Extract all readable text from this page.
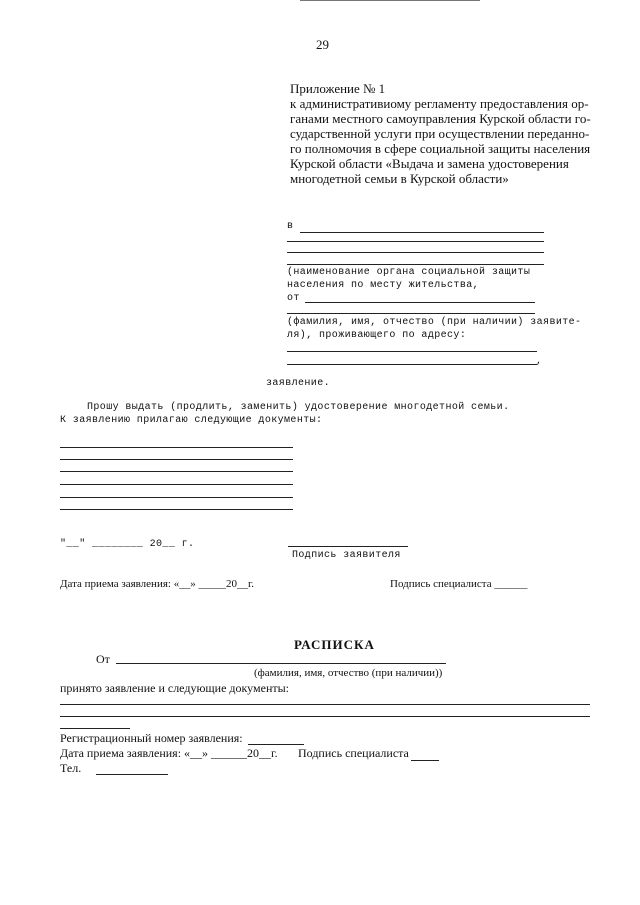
29
Приложение № 1
к административиому регламенту предоставления ор-
ганами местного самоуправления Курской области го-
сударственной услуги при осуществлении переданно-
го полномочия в сфере социальной защиты населения
Курской области «Выдача и замена удостоверения
многодетной семьи в Курской области»
в
(наименование органа социальной защиты
населения по месту жительства,
от
(фамилия, имя, отчество (при наличии) заявите-
ля), проживающего по адресу:
,
заявление.
Прошу выдать (продлить, заменить) удостоверение многодетной семьи.
К заявлению прилагаю следующие документы:
"__" ________ 20__ г.
Подпись заявителя
Дата приема заявления: «__» _____20__г.	Подпись специалиста ______
РАСПИСКА
От
(фамилия, имя, отчество (при наличии))
принято заявление и следующие документы:
Регистрационный номер заявления:
Дата приема заявления: «__» ______20__г. Подпись специалиста
Тел.
